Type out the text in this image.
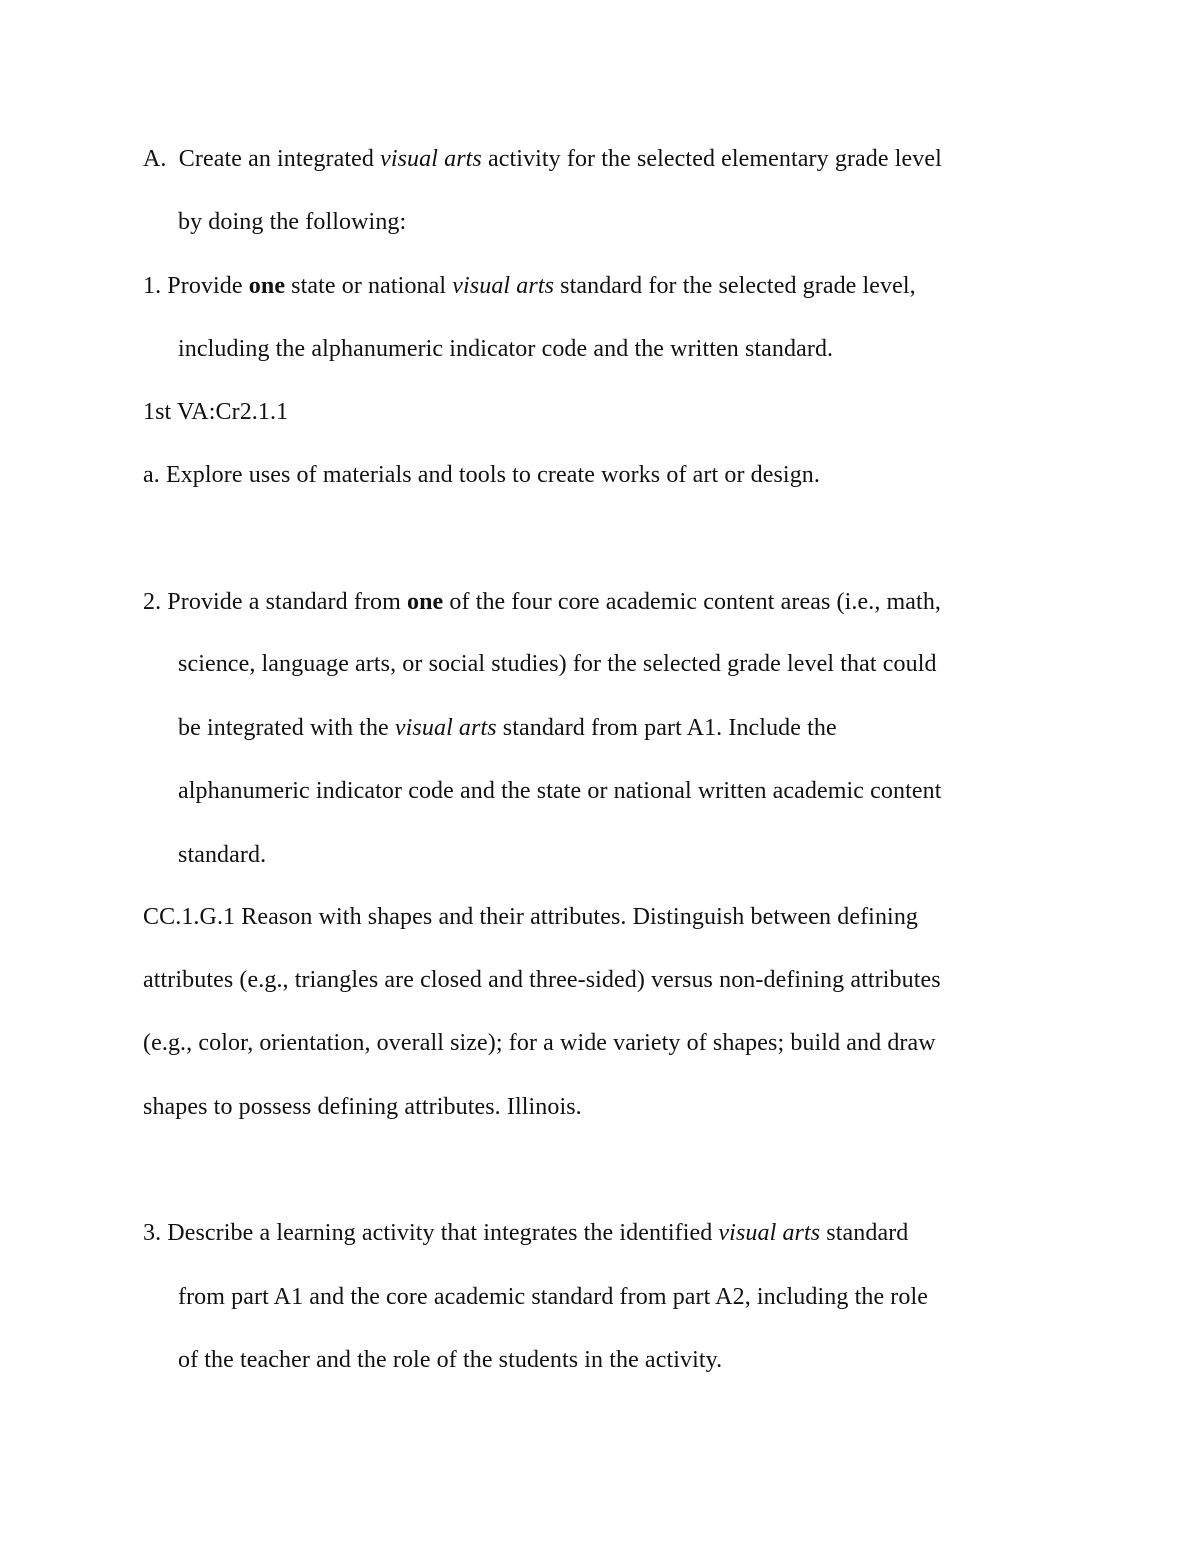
A. Create an integrated visual arts activity for the selected elementary grade level
by doing the following:
1. Provide one state or national visual arts standard for the selected grade level,
including the alphanumeric indicator code and the written standard.
1st VA:Cr2.1.1
a. Explore uses of materials and tools to create works of art or design.
2. Provide a standard from one of the four core academic content areas (i.e., math,
science, language arts, or social studies) for the selected grade level that could
be integrated with the visual arts standard from part A1. Include the
alphanumeric indicator code and the state or national written academic content
standard.
CC.1.G.1 Reason with shapes and their attributes. Distinguish between defining
attributes (e.g., triangles are closed and three-sided) versus non-defining attributes
(e.g., color, orientation, overall size); for a wide variety of shapes; build and draw
shapes to possess defining attributes. Illinois.
3. Describe a learning activity that integrates the identified visual arts standard
from part A1 and the core academic standard from part A2, including the role
of the teacher and the role of the students in the activity.
